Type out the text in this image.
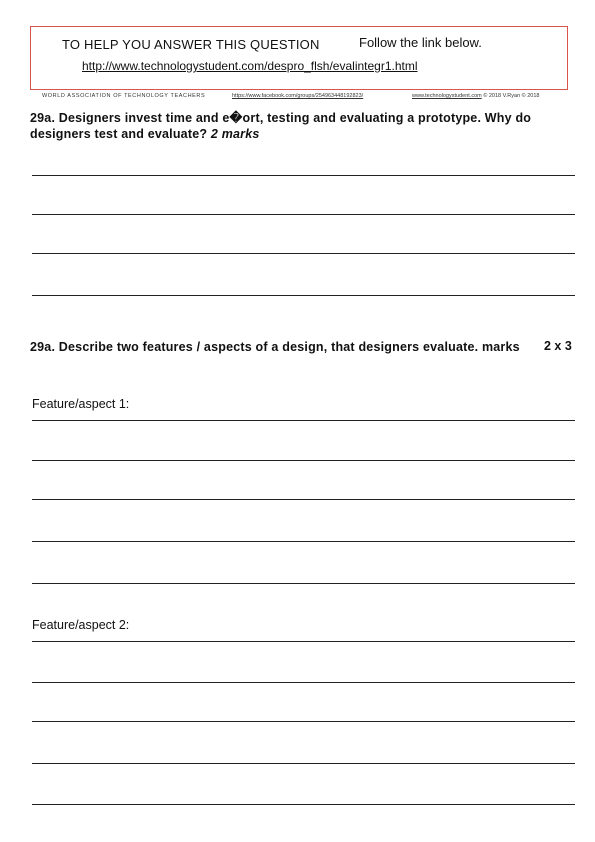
TO HELP YOU ANSWER THIS QUESTION	Follow the link below.
http://www.technologystudent.com/despro_flsh/evalintegr1.html
WORLD ASSOCIATION OF TECHNOLOGY TEACHERS	https://www.facebook.com/groups/254963448192823/	www.technologystudent.com © 2018 V.Ryan © 2018
29a. Designers invest time and e�ort, testing and evaluating a prototype. Why do designers test and evaluate? 2 marks
29a. Describe two features / aspects of a design, that designers evaluate. marks	2 x 3
Feature/aspect 1:
Feature/aspect 2:
